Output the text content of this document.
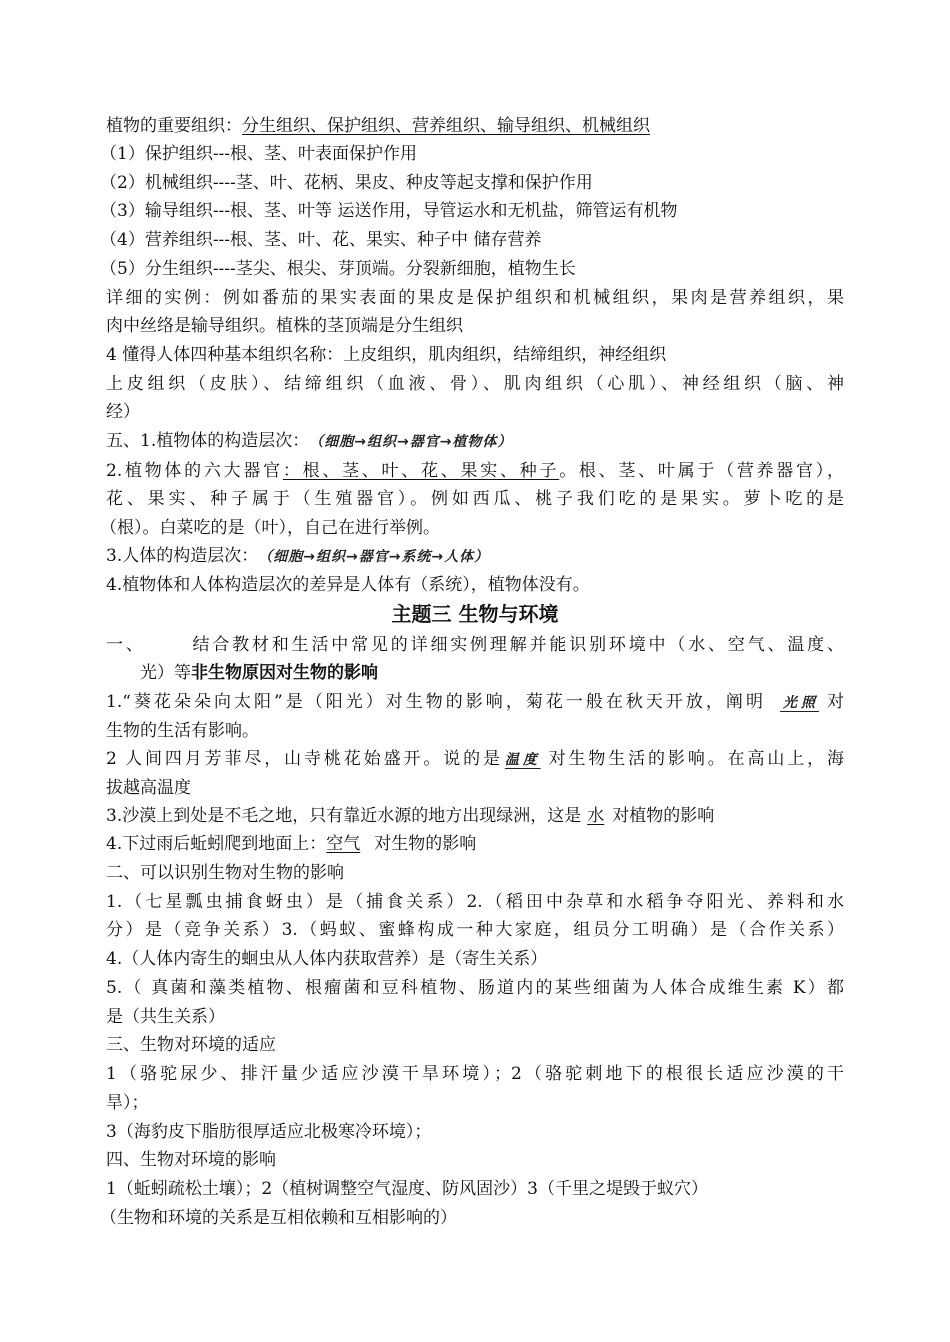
植物的重要组织：分生组织、保护组织、营养组织、输导组织、机械组织
（1）保护组织---根、茎、叶表面保护作用
（2）机械组织----茎、叶、花柄、果皮、种皮等起支撑和保护作用
（3）输导组织---根、茎、叶等 运送作用，导管运水和无机盐，筛管运有机物
（4）营养组织---根、茎、叶、花、果实、种子中 储存营养
（5）分生组织----茎尖、根尖、芽顶端。分裂新细胞，植物生长
详细的实例：例如番茄的果实表面的果皮是保护组织和机械组织，果肉是营养组织，果
肉中丝络是输导组织。植株的茎顶端是分生组织
4 懂得人体四种基本组织名称：上皮组织，肌肉组织，结缔组织，神经组织
上皮组织（皮肤）、结缔组织（血液、骨）、肌肉组织（心肌）、神经组织（脑、神
经）
五、1.植物体的构造层次：（细胞→组织→器官→植物体）
2.植物体的六大器官：根、茎、叶、花、果实、种子。根、茎、叶属于（营养器官），
花、果实、种子属于（生殖器官）。例如西瓜、桃子我们吃的是果实。萝卜吃的是
（根）。白菜吃的是（叶），自己在进行举例。
3.人体的构造层次：（细胞→组织→器官→系统→人体）
4.植物体和人体构造层次的差异是人体有（系统），植物体没有。
主题三 生物与环境
一、	结合教材和生活中常见的详细实例理解并能识别环境中（水、空气、温度、
光）等非生物原因对生物的影响
1.“葵花朵朵向太阳”是（阳光）对生物的影响，菊花一般在秋天开放，阐明 光照 对
生物的生活有影响。
2 人间四月芳菲尽，山寺桃花始盛开。说的是 温度 对生物生活的影响。在高山上，海
拔越高温度
3.沙漠上到处是不毛之地，只有靠近水源的地方出现绿洲，这是 水 对植物的影响
4.下过雨后蚯蚓爬到地面上：空气 对生物的影响
二、可以识别生物对生物的影响
1.（七星瓢虫捕食蚜虫）是（捕食关系）2.（稻田中杂草和水稻争夺阳光、养料和水
分）是（竞争关系）3.（蚂蚁、蜜蜂构成一种大家庭，组员分工明确）是（合作关系）
4.（人体内寄生的蛔虫从人体内获取营养）是（寄生关系）
5.（ 真菌和藻类植物、根瘤菌和豆科植物、肠道内的某些细菌为人体合成维生素 K）都
是（共生关系）
三、生物对环境的适应
1（骆驼尿少、排汗量少适应沙漠干旱环境）；2（骆驼刺地下的根很长适应沙漠的干
旱）；
3（海豹皮下脂肪很厚适应北极寒冷环境）；
四、生物对环境的影响
1（蚯蚓疏松土壤）；2（植树调整空气湿度、防风固沙）3（千里之堤毁于蚁穴）
（生物和环境的关系是互相依赖和互相影响的）
